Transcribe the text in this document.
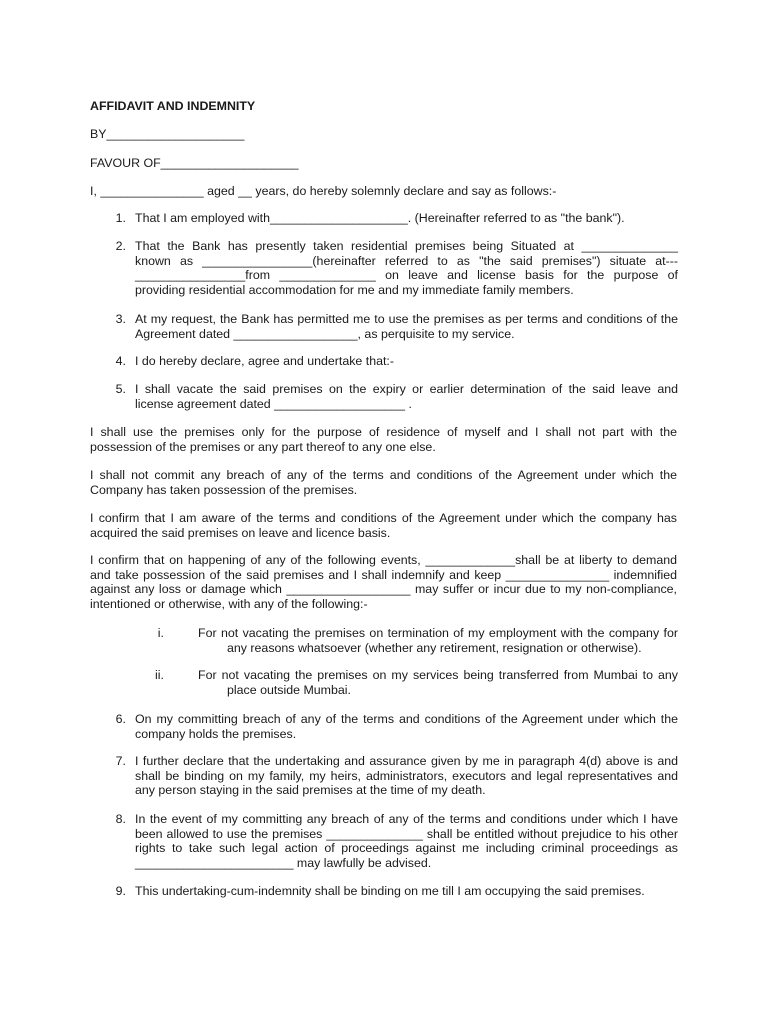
AFFIDAVIT AND INDEMNITY
BY____________________
FAVOUR OF____________________
I, _______________ aged __ years, do hereby solemnly declare and say as follows:-
1. That I am employed with____________________. (Hereinafter referred to as "the bank").
2. That the Bank has presently taken residential premises being Situated at ______________
known as ________________(hereinafter referred to as "the said premises") situate at---
________________from ______________ on leave and license basis for the purpose of
providing residential accommodation for me and my immediate family members.
3. At my request, the Bank has permitted me to use the premises as per terms and conditions of the
Agreement dated __________________, as perquisite to my service.
4. I do hereby declare, agree and undertake that:-
5. I shall vacate the said premises on the expiry or earlier determination of the said leave and
license agreement dated ___________________ .
I shall use the premises only for the purpose of residence of myself and I shall not part with the
possession of the premises or any part thereof to any one else.
I shall not commit any breach of any of the terms and conditions of the Agreement under which the
Company has taken possession of the premises.
I confirm that I am aware of the terms and conditions of the Agreement under which the company has
acquired the said premises on leave and licence basis.
I confirm that on happening of any of the following events, _____________shall be at liberty to demand
and take possession of the said premises and I shall indemnify and keep _______________ indemnified
against any loss or damage which __________________ may suffer or incur due to my non-compliance,
intentioned or otherwise, with any of the following:-
i.	For not vacating the premises on termination of my employment with the company for
any reasons whatsoever (whether any retirement, resignation or otherwise).
ii.	For not vacating the premises on my services being transferred from Mumbai to any
place outside Mumbai.
6. On my committing breach of any of the terms and conditions of the Agreement under which the
company holds the premises.
7. I further declare that the undertaking and assurance given by me in paragraph 4(d) above is and
shall be binding on my family, my heirs, administrators, executors and legal representatives and
any person staying in the said premises at the time of my death.
8. In the event of my committing any breach of any of the terms and conditions under which I have
been allowed to use the premises ______________ shall be entitled without prejudice to his other
rights to take such legal action of proceedings against me including criminal proceedings as
_______________________ may lawfully be advised.
9. This undertaking-cum-indemnity shall be binding on me till I am occupying the said premises.
